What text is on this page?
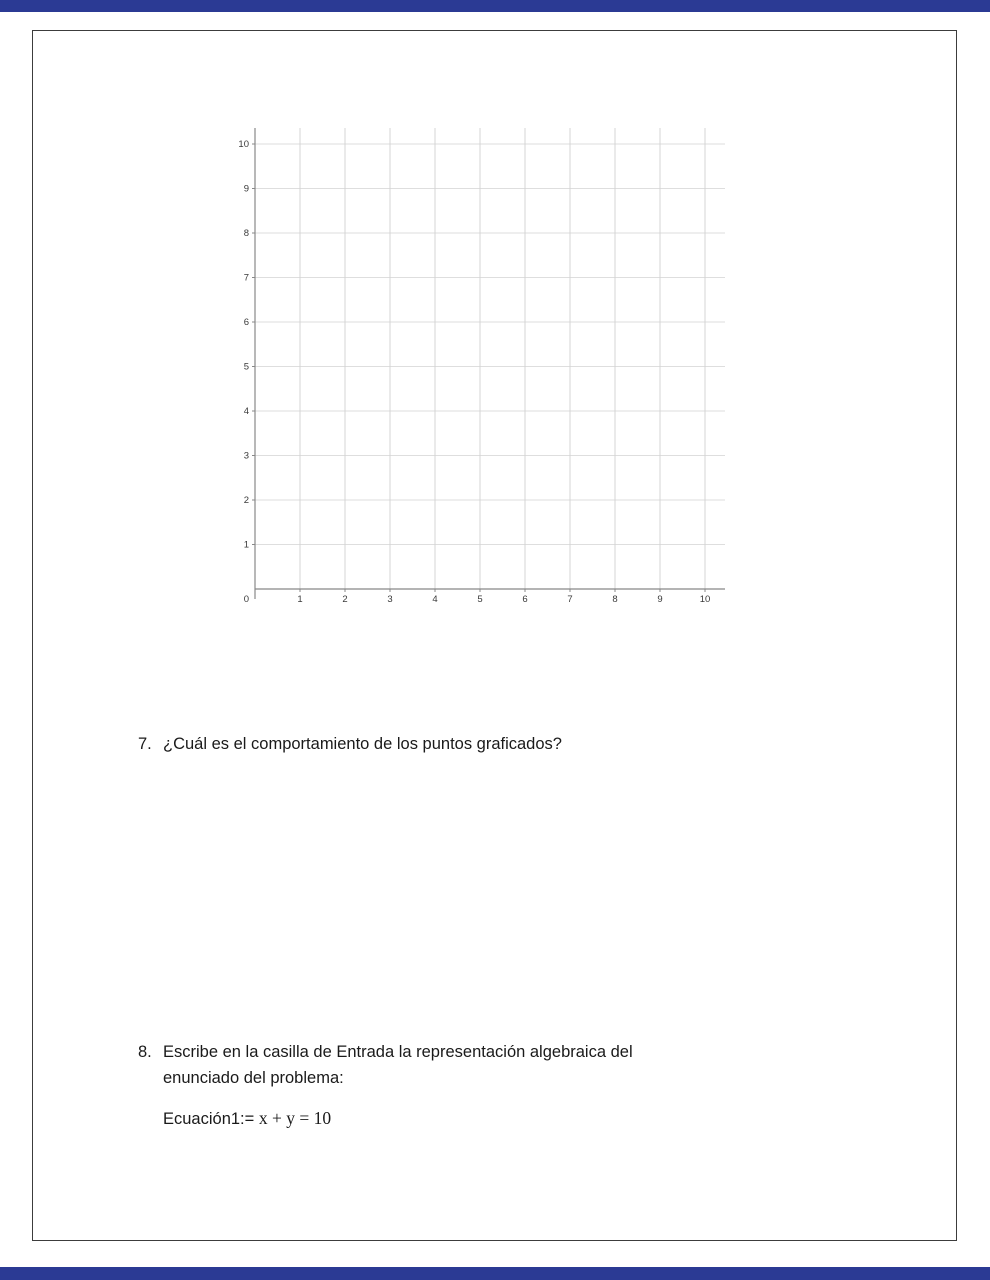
0	1	2	3	4	5	6	7	8	9	10
1
2
3
4
5
6
7
8
9
10
7. ¿Cuál es el comportamiento de los puntos graficados?
8. Escribe en la casilla de Entrada la representación algebraica del
enunciado del problema:
Ecuación1:= x + y = 10
